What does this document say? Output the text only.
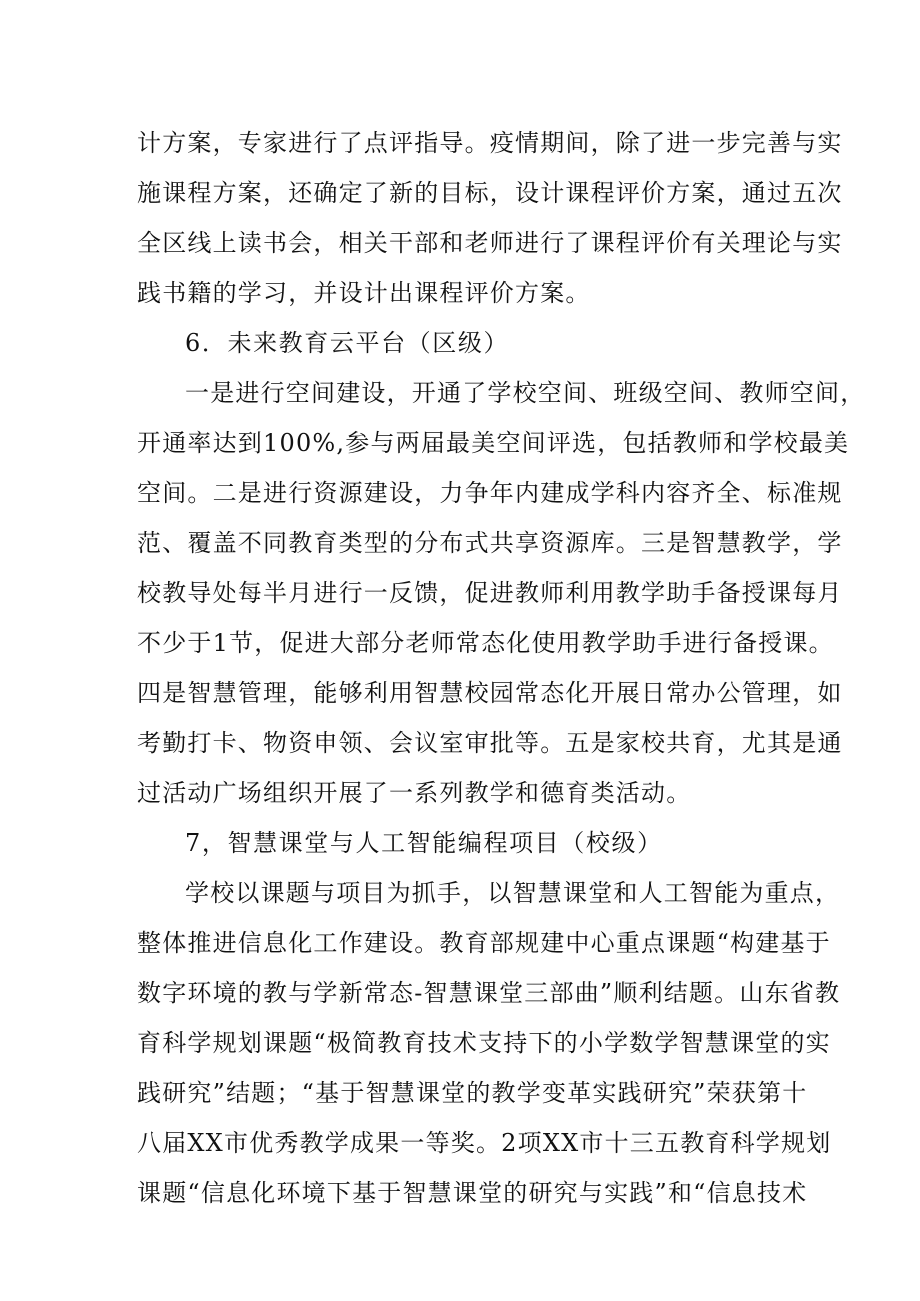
计方案，专家进行了点评指导。疫情期间，除了进一步完善与实
施课程方案，还确定了新的目标，设计课程评价方案，通过五次
全区线上读书会，相关干部和老师进行了课程评价有关理论与实
践书籍的学习，并设计出课程评价方案。
6．未来教育云平台（区级）
一是进行空间建设，开通了学校空间、班级空间、教师空间，
开通率达到100%,参与两届最美空间评选，包括教师和学校最美
空间。二是进行资源建设，力争年内建成学科内容齐全、标准规
范、覆盖不同教育类型的分布式共享资源库。三是智慧教学，学
校教导处每半月进行一反馈，促进教师利用教学助手备授课每月
不少于1节，促进大部分老师常态化使用教学助手进行备授课。
四是智慧管理，能够利用智慧校园常态化开展日常办公管理，如
考勤打卡、物资申领、会议室审批等。五是家校共育，尤其是通
过活动广场组织开展了一系列教学和德育类活动。
7，智慧课堂与人工智能编程项目（校级）
学校以课题与项目为抓手，以智慧课堂和人工智能为重点，
整体推进信息化工作建设。教育部规建中心重点课题“构建基于
数字环境的教与学新常态-智慧课堂三部曲”顺利结题。山东省教
育科学规划课题“极简教育技术支持下的小学数学智慧课堂的实
践研究”结题；“基于智慧课堂的教学变革实践研究”荣获第十
八届XX市优秀教学成果一等奖。2项XX市十三五教育科学规划
课题“信息化环境下基于智慧课堂的研究与实践”和“信息技术
